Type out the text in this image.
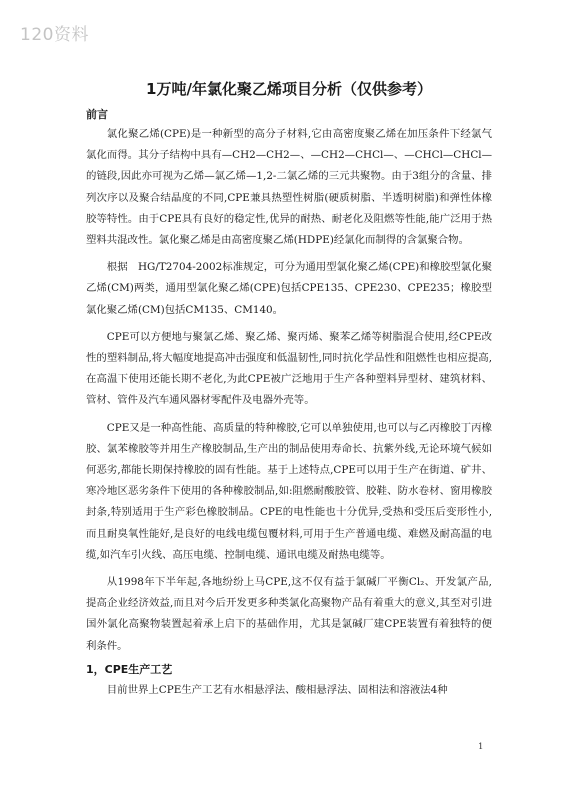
120资料
1万吨/年氯化聚乙烯项目分析（仅供参考）

前言

氯化聚乙烯(CPE)是一种新型的高分子材料,它由高密度聚乙烯在加压条件下经氯气氯化而得。其分子结构中具有—CH2—CH2—、—CH2—CHCl—、—CHCl—CHCl—的链段,因此亦可视为乙烯—氯乙烯—1,2-二氯乙烯的三元共聚物。由于3组分的含量、排列次序以及聚合结晶度的不同,CPE兼具热塑性树脂(硬质树脂、半透明树脂)和弹性体橡胶等特性。由于CPE具有良好的稳定性,优异的耐热、耐老化及阻燃等性能,能广泛用于热塑料共混改性。氯化聚乙烯是由高密度聚乙烯(HDPE)经氯化而制得的含氯聚合物。

根据　HG/T2704-2002标准规定，可分为通用型氯化聚乙烯(CPE)和橡胶型氯化聚乙烯(CM)两类，通用型氯化聚乙烯(CPE)包括CPE135、CPE230、CPE235；橡胶型氯化聚乙烯(CM)包括CM135、CM140。

CPE可以方便地与聚氯乙烯、聚乙烯、聚丙烯、聚苯乙烯等树脂混合使用,经CPE改性的塑料制品,将大幅度地提高冲击强度和低温韧性,同时抗化学品性和阻燃性也相应提高,在高温下使用还能长期不老化,为此CPE被广泛地用于生产各种塑料异型材、建筑材料、管材、管件及汽车通风器材零配件及电器外壳等。

CPE又是一种高性能、高质量的特种橡胶,它可以单独使用,也可以与乙丙橡胶丁丙橡胶、氯苯橡胶等并用生产橡胶制品,生产出的制品使用寿命长、抗紫外线,无论环境气候如何恶劣,都能长期保持橡胶的固有性能。基于上述特点,CPE可以用于生产在街道、矿井、寒冷地区恶劣条件下使用的各种橡胶制品,如:阻燃耐酸胶管、胶鞋、防水卷材、窗用橡胶封条,特别适用于生产彩色橡胶制品。CPE的电性能也十分优异,受热和受压后变形性小,而且耐臭氧性能好,是良好的电线电缆包覆材料,可用于生产普通电缆、难燃及耐高温的电缆,如汽车引火线、高压电缆、控制电缆、通讯电缆及耐热电缆等。

从1998年下半年起,各地纷纷上马CPE,这不仅有益于氯碱厂平衡Cl₂、开发氯产品,提高企业经济效益,而且对今后开发更多种类氯化高聚物产品有着重大的意义,其至对引进国外氯化高聚物装置起着承上启下的基础作用，尤其是氯碱厂建CPE装置有着独特的便利条件。

1，CPE生产工艺

目前世界上CPE生产工艺有水相悬浮法、酸相悬浮法、固相法和溶液法4种

1
